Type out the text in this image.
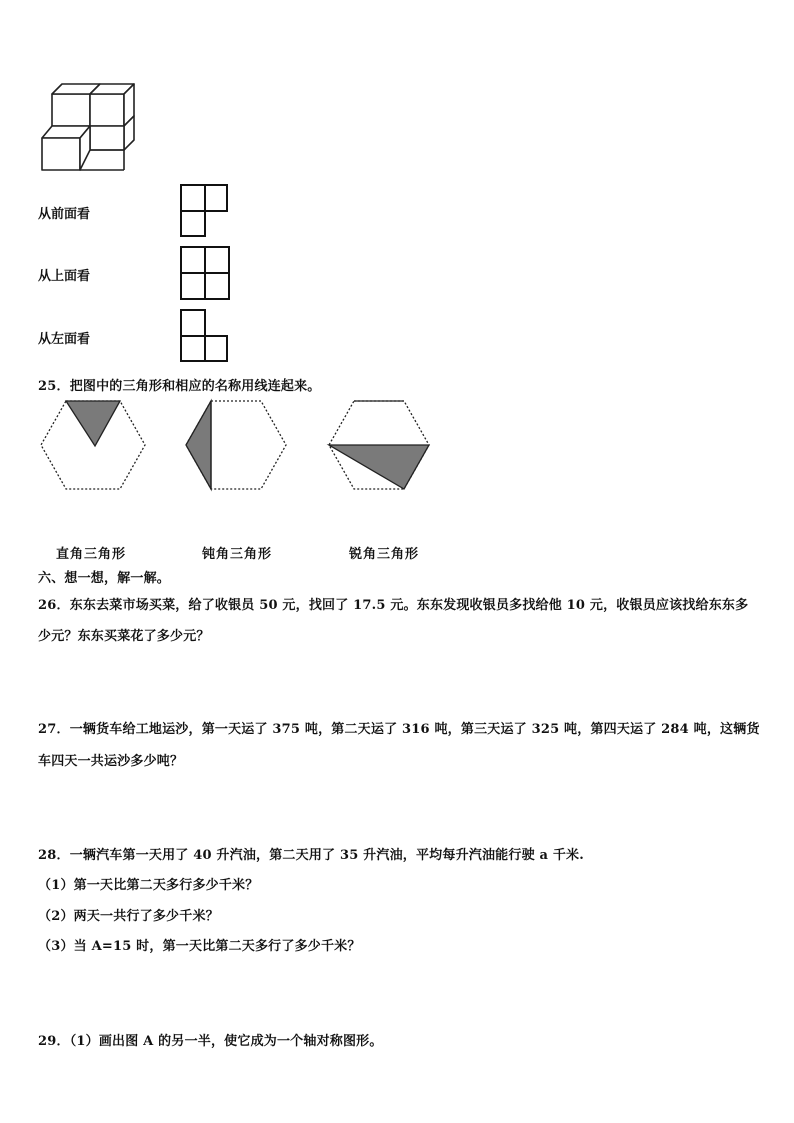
从前面看
从上面看
从左面看
25．把图中的三角形和相应的名称用线连起来。
直角三角形	钝角三角形	锐角三角形
六、想一想，解一解。
26．东东去菜市场买菜，给了收银员 50 元，找回了 17.5 元。东东发现收银员多找给他 10 元，收银员应该找给东东多
少元？东东买菜花了多少元？
27．一辆货车给工地运沙，第一天运了 375 吨，第二天运了 316 吨，第三天运了 325 吨，第四天运了 284 吨，这辆货
车四天一共运沙多少吨？
28．一辆汽车第一天用了 40 升汽油，第二天用了 35 升汽油，平均每升汽油能行驶 a 千米.
（1）第一天比第二天多行多少千米？
（2）两天一共行了多少千米？
（3）当 A=15 时，第一天比第二天多行了多少千米？
29．（1）画出图 A 的另一半，使它成为一个轴对称图形。
